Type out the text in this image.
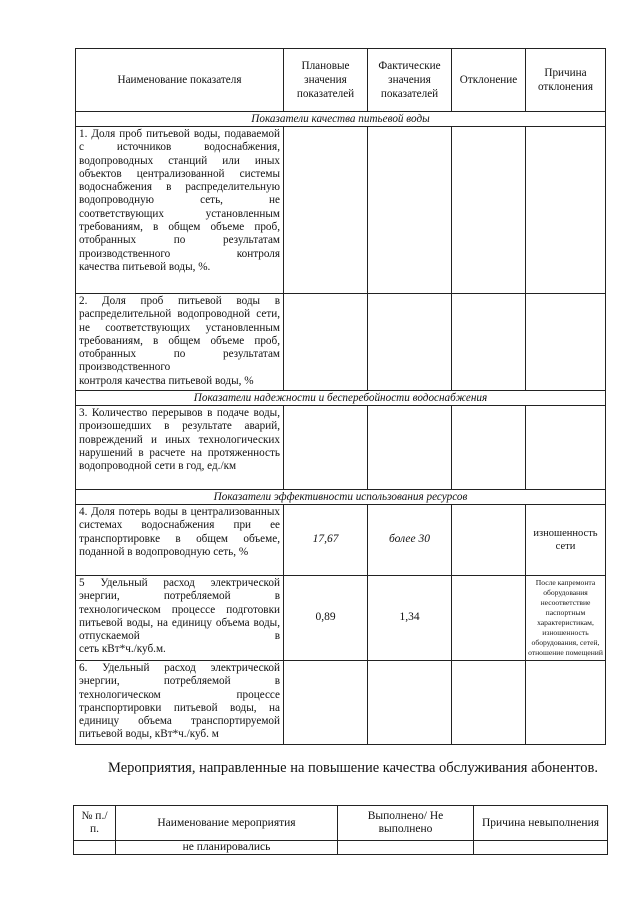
Наименование показателя	Плановые значения показателей	Фактические значения показателей	Отклонение	Причина отклонения
Показатели качества питьевой воды				
1. Доля проб питьевой воды, подаваемой с источников водоснабжения, водопроводных станций или иных объектов централизованной системы водоснабжения в распределительную водопроводную сеть, не соответствующих установленным требованиям, в общем объеме проб, отобранных по результатам производственного контроля
качества питьевой воды, %.				

2. Доля проб питьевой воды в распределительной водопроводной сети, не соответствующих установленным требованиям, в общем объеме проб, отобранных по результатам производственного
контроля качества питьевой воды, %				

Показатели надежности и бесперебойности водоснабжения				
3. Количество перерывов в подаче воды, произошедших в результате аварий, повреждений и иных технологических нарушений в расчете на протяженность
водопроводной сети в год, ед./км				

Показатели эффективности использования ресурсов				
4. Доля потерь воды в централизованных системах водоснабжения при ее транспортировке в общем объеме,
поданной в водопроводную сеть, %	17,67	более 30		изношенность сети
5 Удельный расход электрической энергии, потребляемой в технологическом процессе подготовки питьевой воды, на единицу объема воды, отпускаемой в
сеть кВт*ч./куб.м.	0,89	1,34		После капремонта оборудования несоответствие паспортным характеристикам, изношенность оборудования, сетей, отношение помещений
6. Удельный расход электрической энергии, потребляемой в технологическом процессе транспортировки питьевой воды, на единицу объема транспортируемой
питьевой воды, кВт*ч./куб. м				

Мероприятия, направленные на повышение качества обслуживания абонентов.

№ п./п.	Наименование мероприятия	Выполнено/ Не выполнено	Причина невыполнения
	не планировались		
